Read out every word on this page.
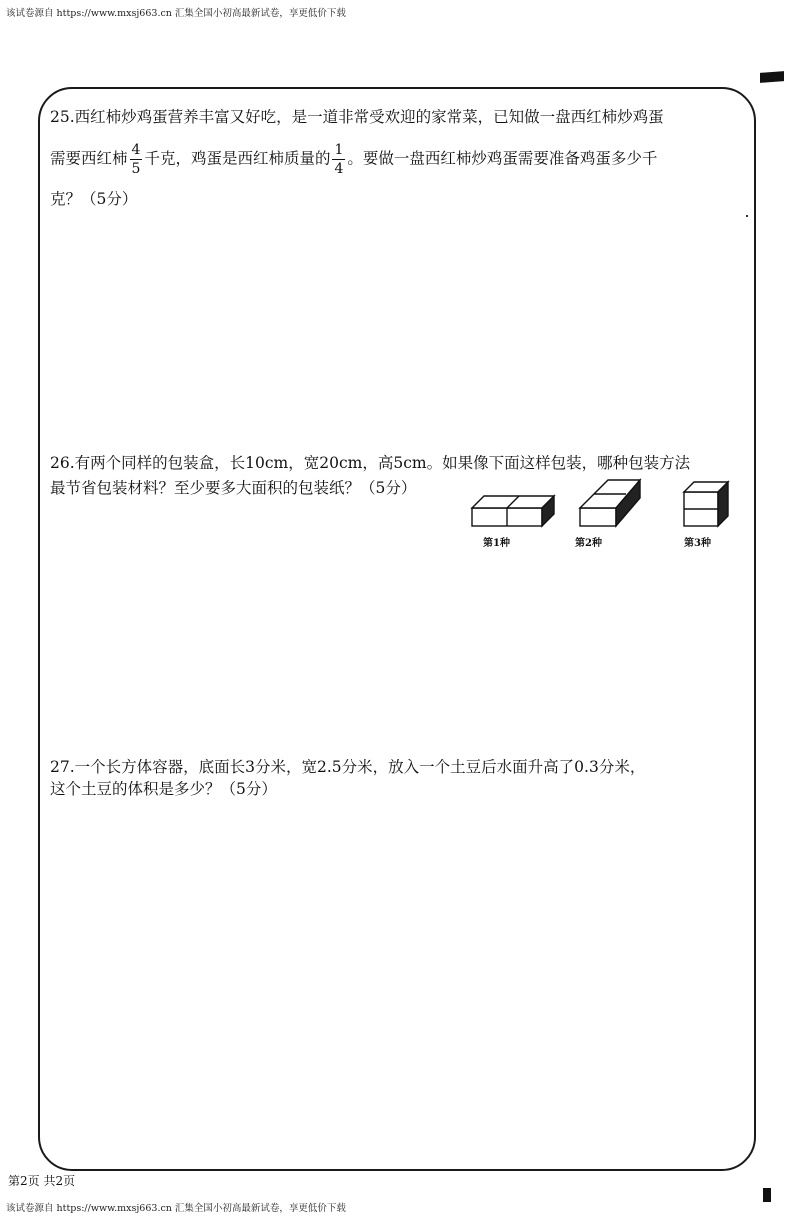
该试卷源自 https://www.mxsj663.cn 汇集全国小初高最新试卷，享更低价下载
25.西红柿炒鸡蛋营养丰富又好吃，是一道非常受欢迎的家常菜，已知做一盘西红柿炒鸡蛋
需要西红柿 $\frac{4}{5}$ 千克，鸡蛋是西红柿质量的 $\frac{1}{4}$ 。要做一盘西红柿炒鸡蛋需要准备鸡蛋多少千
克？（5分）
26.有两个同样的包装盒，长10cm，宽20cm，高5cm。如果像下面这样包装，哪种包装方法
最节省包装材料？至少要多大面积的包装纸？（5分）
第1种	第2种	第3种
27.一个长方体容器，底面长3分米，宽2.5分米，放入一个土豆后水面升高了0.3分米，
这个土豆的体积是多少？（5分）
第2页 共2页
该试卷源自 https://www.mxsj663.cn 汇集全国小初高最新试卷，享更低价下载
